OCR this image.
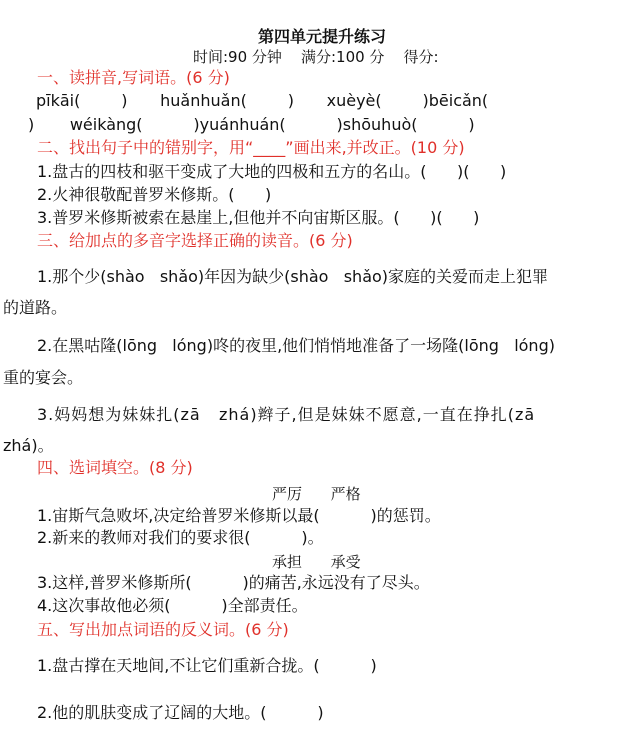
第四单元提升练习
时间:90 分钟    满分:100 分    得分:
一、读拼音,写词语。(6 分)
pīkāi(          )        huǎnhuǎn(          )        xuèyè(          )bēicǎn(
)       wéikàng(          )yuánhuán(          )shōuhuò(          )
二、找出句子中的错别字，用“____”画出来,并改正。(10 分)
1.盘古的四枝和驱干变成了大地的四极和五方的名山。(      )(      )
2.火神很敬配普罗米修斯。(      )
3.普罗米修斯被索在悬崖上,但他并不向宙斯区服。(      )(      )
三、给加点的多音字选择正确的读音。(6 分)
1.那个少(shào   shǎo)年因为缺少(shào   shǎo)家庭的关爱而走上犯罪
的道路。
2.在黑咕隆(lōng   lóng)咚的夜里,他们悄悄地准备了一场隆(lōng   lóng)
重的宴会。
3.妈妈想为妹妹扎(zā   zhá)辫子,但是妹妹不愿意,一直在挣扎(zā
zhá)。
四、选词填空。(8 分)
严厉      严格
1.宙斯气急败坏,决定给普罗米修斯以最(          )的惩罚。
2.新来的教师对我们的要求很(          )。
承担      承受
3.这样,普罗米修斯所(          )的痛苦,永远没有了尽头。
4.这次事故他必须(          )全部责任。
五、写出加点词语的反义词。(6 分)
1.盘古撑在天地间,不让它们重新合拢。(          )
2.他的肌肤变成了辽阔的大地。(          )
